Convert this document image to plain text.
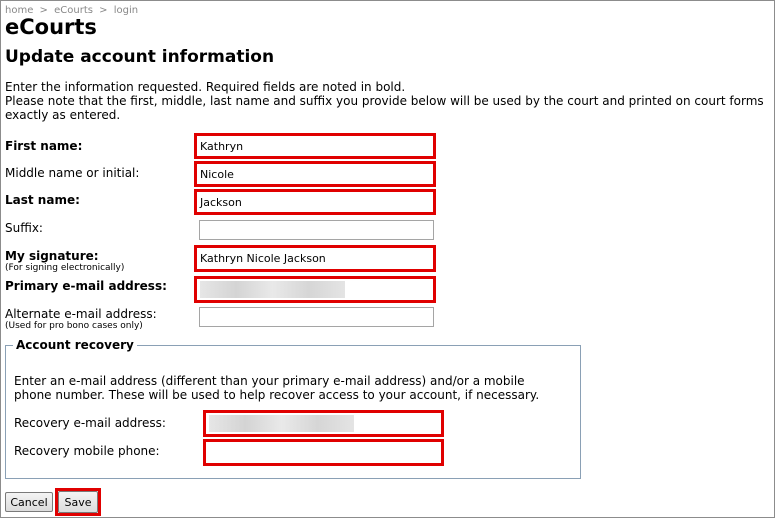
home > eCourts > login
eCourts
Update account information
Enter the information requested. Required fields are noted in bold.
Please note that the first, middle, last name and suffix you provide below will be used by the court and printed on court forms exactly as entered.
First name:	Kathryn
Middle name or initial:	Nicole
Last name:	Jackson
Suffix:
My signature:
(For signing electronically)
Kathryn Nicole Jackson
Primary e-mail address:
Alternate e-mail address:
(Used for pro bono cases only)
Account recovery
Enter an e-mail address (different than your primary e-mail address) and/or a mobile
phone number. These will be used to help recover access to your account, if necessary.
Recovery e-mail address:
Recovery mobile phone:
Cancel	Save
